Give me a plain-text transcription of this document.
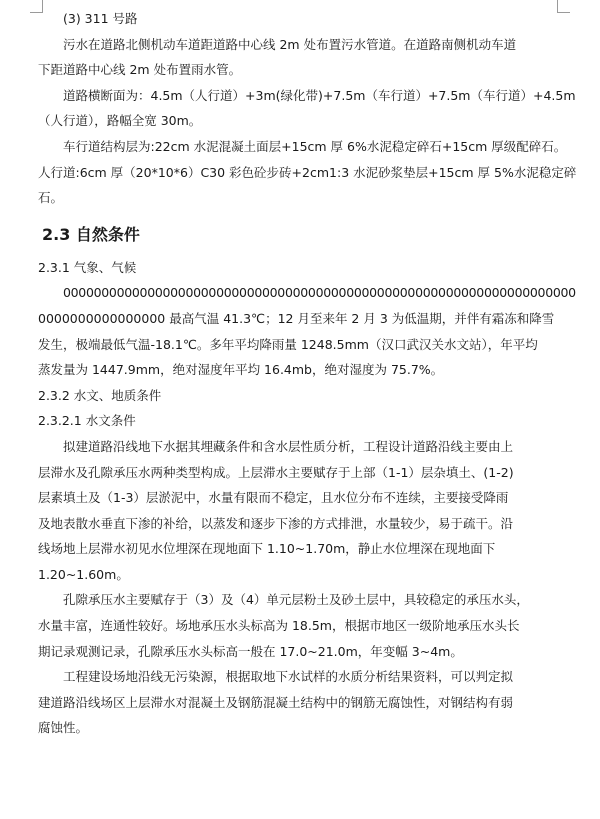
(3) 311 号路
污水在道路北侧机动车道距道路中心线 2m 处布置污水管道。在道路南侧机动车道
下距道路中心线 2m 处布置雨水管。
道路横断面为：4.5m（人行道）+3m(绿化带)+7.5m（车行道）+7.5m（车行道）+4.5m
（人行道），路幅全宽 30m。
车行道结构层为:22cm 水泥混凝土面层+15cm 厚 6%水泥稳定碎石+15cm 厚级配碎石。
人行道:6cm 厚（20*10*6）C30 彩色砼步砖+2cm1:3 水泥砂浆垫层+15cm 厚 5%水泥稳定碎
石。
2.3 自然条件
2.3.1 气象、气候
0000000000000000000000000000000000000000000000000000000000000000000
0000000000000000 最高气温 41.3℃；12 月至来年 2 月 3 为低温期，并伴有霜冻和降雪
发生，极端最低气温-18.1℃。多年平均降雨量 1248.5mm（汉口武汉关水文站），年平均
蒸发量为 1447.9mm，绝对湿度年平均 16.4mb，绝对湿度为 75.7%。
2.3.2 水文、地质条件
2.3.2.1 水文条件
拟建道路沿线地下水据其埋藏条件和含水层性质分析，工程设计道路沿线主要由上
层滞水及孔隙承压水两种类型构成。上层滞水主要赋存于上部（1-1）层杂填土、(1-2)
层素填土及（1-3）层淤泥中，水量有限而不稳定，且水位分布不连续，主要接受降雨
及地表散水垂直下渗的补给，以蒸发和逐步下渗的方式排泄，水量较少，易于疏干。沿
线场地上层滞水初见水位埋深在现地面下 1.10~1.70m，静止水位埋深在现地面下
1.20~1.60m。
孔隙承压水主要赋存于（3）及（4）单元层粉土及砂土层中，具较稳定的承压水头，
水量丰富，连通性较好。场地承压水头标高为 18.5m，根据市地区一级阶地承压水头长
期记录观测记录，孔隙承压水头标高一般在 17.0~21.0m，年变幅 3~4m。
工程建设场地沿线无污染源，根据取地下水试样的水质分析结果资料，可以判定拟
建道路沿线场区上层滞水对混凝土及钢筋混凝土结构中的钢筋无腐蚀性，对钢结构有弱
腐蚀性。
